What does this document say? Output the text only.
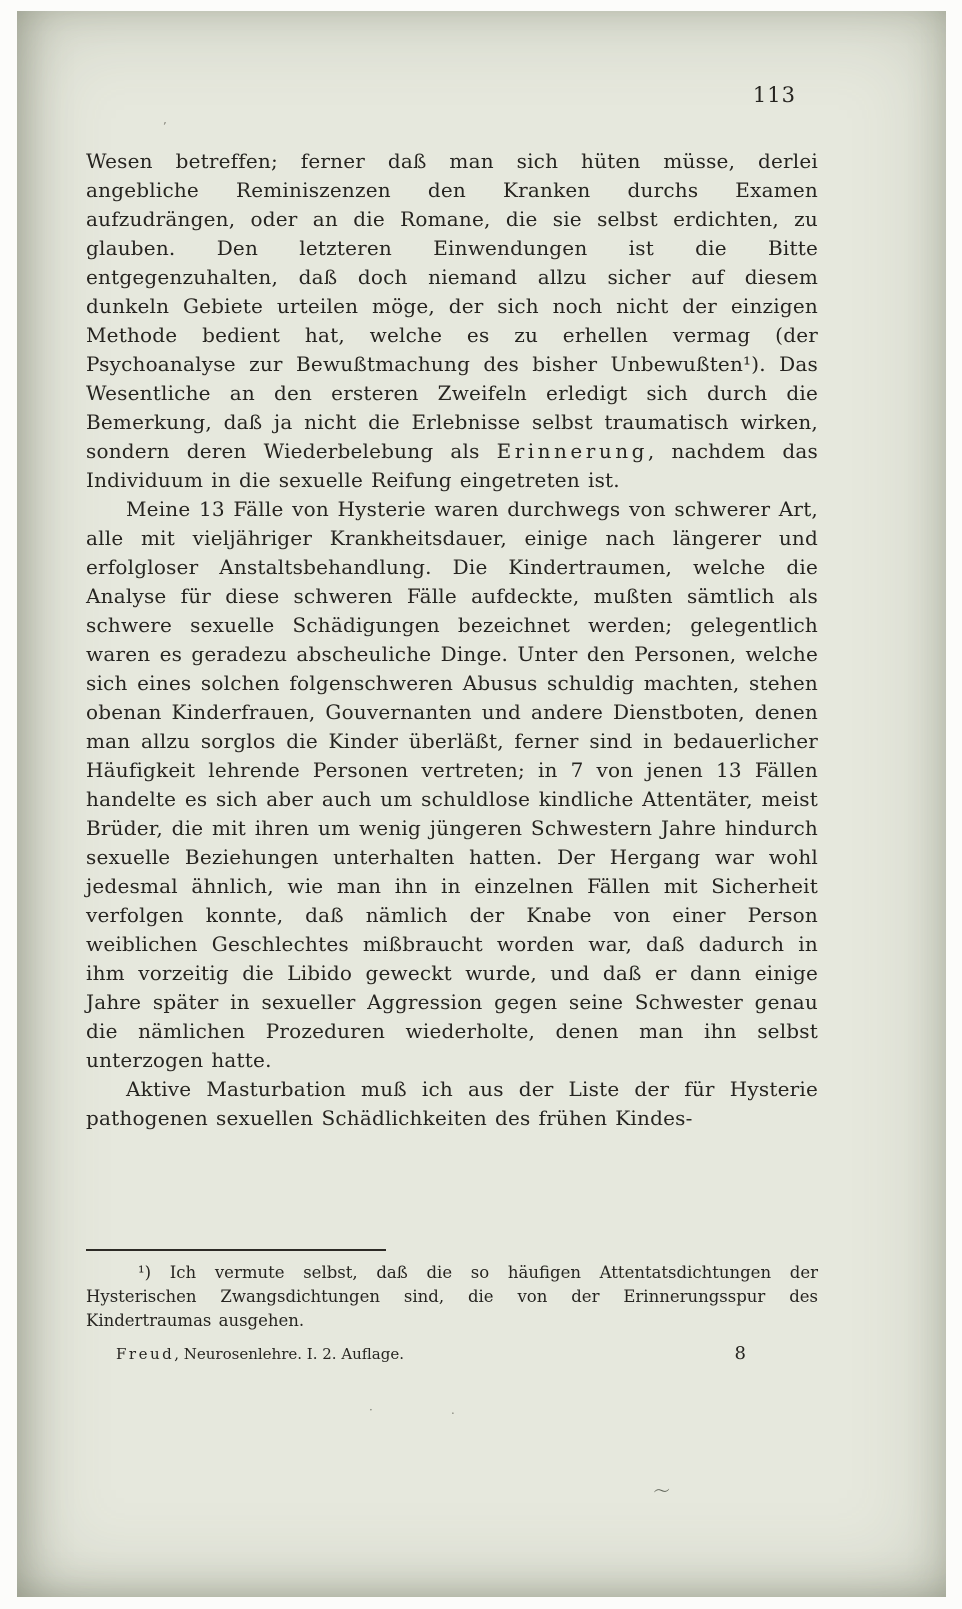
’
113

Wesen betreffen; ferner daß man sich hüten müsse, derlei angebliche Reminiszenzen den Kranken durchs Examen aufzudrängen, oder an die Romane, die sie selbst erdichten, zu glauben. Den letzteren Einwendungen ist die Bitte entgegenzuhalten, daß doch niemand allzu sicher auf diesem dunkeln Gebiete urteilen möge, der sich noch nicht der einzigen Methode bedient hat, welche es zu erhellen vermag (der Psychoanalyse zur Bewußtmachung des bisher Unbewußten¹). Das Wesentliche an den ersteren Zweifeln erledigt sich durch die Bemerkung, daß ja nicht die Erlebnisse selbst traumatisch wirken, sondern deren Wiederbelebung als Erinnerung, nachdem das Individuum in die sexuelle Reifung eingetreten ist.

Meine 13 Fälle von Hysterie waren durchwegs von schwerer Art, alle mit vieljähriger Krankheitsdauer, einige nach längerer und erfolgloser Anstaltsbehandlung. Die Kindertraumen, welche die Analyse für diese schweren Fälle aufdeckte, mußten sämtlich als schwere sexuelle Schädigungen bezeichnet werden; gelegentlich waren es geradezu abscheuliche Dinge. Unter den Personen, welche sich eines solchen folgenschweren Abusus schuldig machten, stehen obenan Kinderfrauen, Gouvernanten und andere Dienstboten, denen man allzu sorglos die Kinder überläßt, ferner sind in bedauerlicher Häufigkeit lehrende Personen vertreten; in 7 von jenen 13 Fällen handelte es sich aber auch um schuldlose kindliche Attentäter, meist Brüder, die mit ihren um wenig jüngeren Schwestern Jahre hindurch sexuelle Beziehungen unterhalten hatten. Der Hergang war wohl jedesmal ähnlich, wie man ihn in einzelnen Fällen mit Sicherheit verfolgen konnte, daß nämlich der Knabe von einer Person weiblichen Geschlechtes mißbraucht worden war, daß dadurch in ihm vorzeitig die Libido geweckt wurde, und daß er dann einige Jahre später in sexueller Aggression gegen seine Schwester genau die nämlichen Prozeduren wiederholte, denen man ihn selbst unterzogen hatte.

Aktive Masturbation muß ich aus der Liste der für Hysterie pathogenen sexuellen Schädlichkeiten des frühen Kindes-

¹) Ich vermute selbst, daß die so häufigen Attentatsdichtungen der Hysterischen Zwangsdichtungen sind, die von der Erinnerungsspur des Kindertraumas ausgehen.

Freud, Neurosenlehre. I. 2. Auflage.	8
·․
〜
